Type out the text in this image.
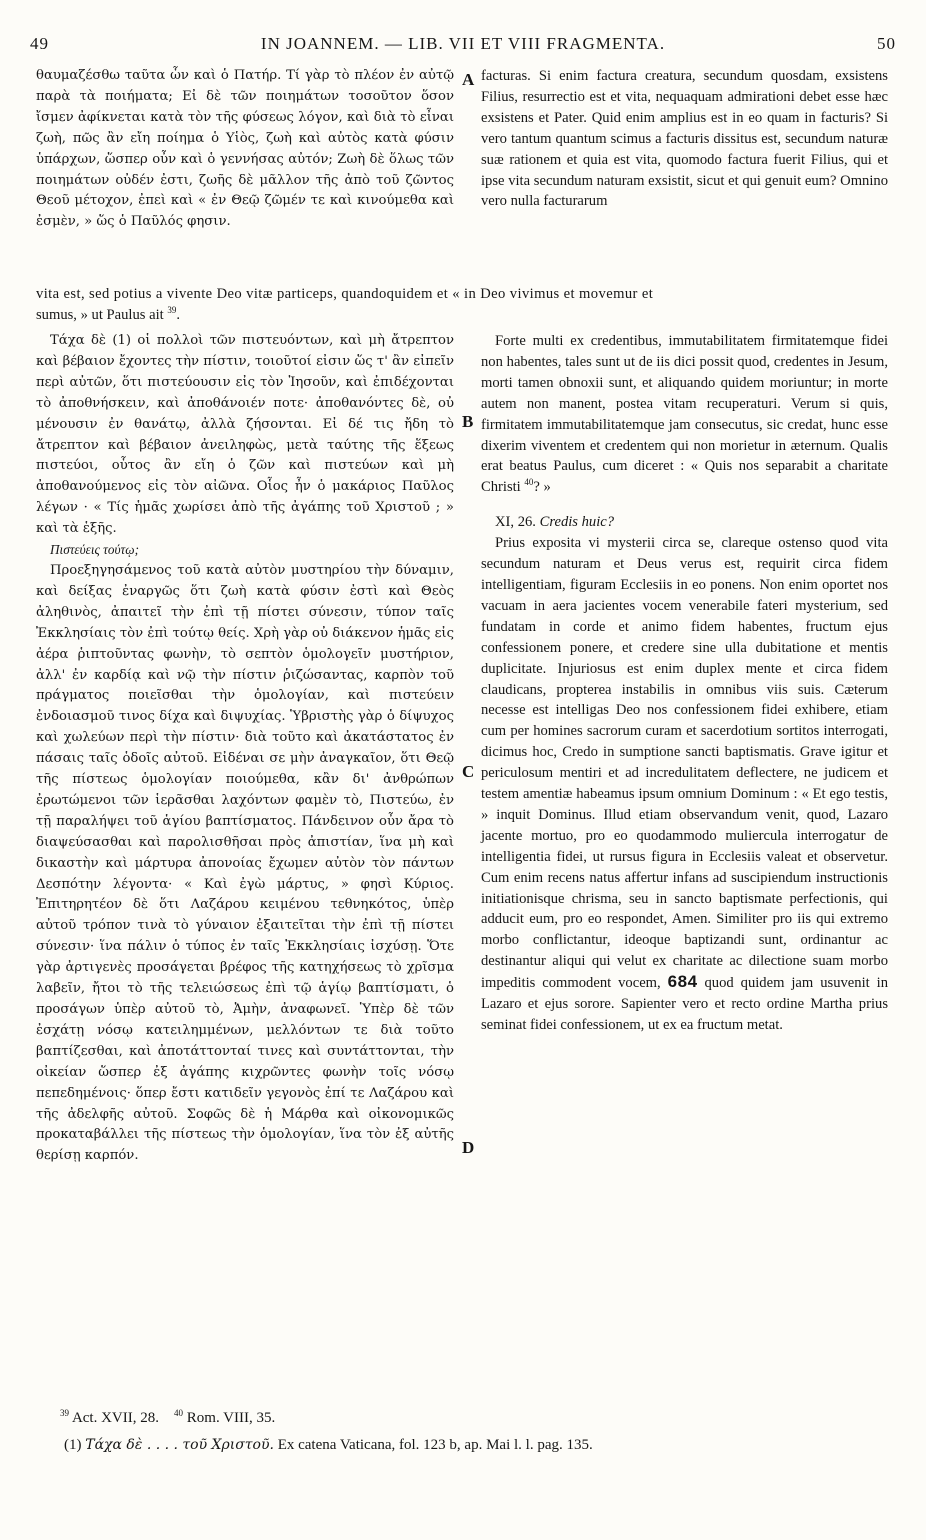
49	IN JOANNEM. — LIB. VII ET VIII FRAGMENTA.	50

θαυμαζέσθω ταῦτα ὧν καὶ ὁ Πατήρ. Τί γὰρ τὸ πλέον ἐν αὐτῷ παρὰ τὰ ποιήματα; Εἰ δὲ τῶν ποιημάτων τοσοῦτον ὅσον ἴσμεν ἀφίκνεται κατὰ τὸν τῆς φύσεως λόγον, καὶ διὰ τὸ εἶναι ζωὴ, πῶς ἂν εἴη ποίημα ὁ Υἱὸς, ζωὴ καὶ αὐτὸς κατὰ φύσιν ὑπάρχων, ὥσπερ οὖν καὶ ὁ γεννήσας αὐτόν; Ζωὴ δὲ ὅλως τῶν ποιημάτων οὐδέν ἐστι, ζωῆς δὲ μᾶλλον τῆς ἀπὸ τοῦ ζῶντος Θεοῦ μέτοχον, ἐπεὶ καὶ « ἐν Θεῷ ζῶμέν τε καὶ κινούμεθα καὶ ἐσμὲν, » ὥς ὁ Παῦλός φησιν.

facturas. Si enim factura creatura, secundum quosdam, exsistens Filius, resurrectio est et vita, nequaquam admirationi debet esse hæc exsistens et Pater. Quid enim amplius est in eo quam in facturis? Si vero tantum quantum scimus a facturis dissitus est, secundum naturæ suæ rationem et quia est vita, quomodo factura fuerit Filius, qui et ipse vita secundum naturam exsistit, sicut et qui genuit eum? Omnino vero nulla facturarum

vita est, sed potius a vivente Deo vitæ particeps, quandoquidem et « in Deo vivimus et movemur et
sumus, » ut Paulus ait $^{39}$.

Τάχα δὲ (1) οἱ πολλοὶ τῶν πιστευόντων, καὶ μὴ ἄτρεπτον καὶ βέβαιον ἔχοντες τὴν πίστιν, τοιοῦτοί εἰσιν ὥς τ' ἂν εἰπεῖν περὶ αὐτῶν, ὅτι πιστεύουσιν εἰς τὸν Ἰησοῦν, καὶ ἐπιδέχονται τὸ ἀποθνήσκειν, καὶ ἀποθάνοιέν ποτε· ἀποθανόντες δὲ, οὐ μένουσιν ἐν θανάτῳ, ἀλλὰ ζήσονται. Εἰ δέ τις ἤδη τὸ ἄτρεπτον καὶ βέβαιον ἀνειληφὼς, μετὰ ταύτης τῆς ἕξεως πιστεύοι, οὗτος ἂν εἴη ὁ ζῶν καὶ πιστεύων καὶ μὴ ἀποθανούμενος εἰς τὸν αἰῶνα. Οἷος ἦν ὁ μακάριος Παῦλος λέγων · « Τίς ἡμᾶς χωρίσει ἀπὸ τῆς ἀγάπης τοῦ Χριστοῦ ; » καὶ τὰ ἑξῆς.

Πιστεύεις τούτῳ;

Προεξηγησάμενος τοῦ κατὰ αὐτὸν μυστηρίου τὴν δύναμιν, καὶ δείξας ἐναργῶς ὅτι ζωὴ κατὰ φύσιν ἐστὶ καὶ Θεὸς ἀληθινὸς, ἀπαιτεῖ τὴν ἐπὶ τῇ πίστει σύνεσιν, τύπον ταῖς Ἐκκλησίαις τὸν ἐπὶ τούτῳ θείς. Χρὴ γὰρ οὐ διάκενον ἡμᾶς εἰς ἀέρα ῥιπτοῦντας φωνὴν, τὸ σεπτὸν ὁμολογεῖν μυστήριον, ἀλλ' ἐν καρδίᾳ καὶ νῷ τὴν πίστιν ῥιζώσαντας, καρπὸν τοῦ πράγματος ποιεῖσθαι τὴν ὁμολογίαν, καὶ πιστεύειν ἐνδοιασμοῦ τινος δίχα καὶ διψυχίας. Ὑβριστὴς γὰρ ὁ δίψυχος καὶ χωλεύων περὶ τὴν πίστιν· διὰ τοῦτο καὶ ἀκατάστατος ἐν πάσαις ταῖς ὁδοῖς αὐτοῦ. Εἰδέναι σε μὴν ἀναγκαῖον, ὅτι Θεῷ τῆς πίστεως ὁμολογίαν ποιούμεθα, κἂν δι' ἀνθρώπων ἐρωτώμενοι τῶν ἱερᾶσθαι λαχόντων φαμὲν τὸ, Πιστεύω, ἐν τῇ παραλήψει τοῦ ἁγίου βαπτίσματος. Πάνδεινον οὖν ἄρα τὸ διαψεύσασθαι καὶ παρολισθῆσαι πρὸς ἀπιστίαν, ἵνα μὴ καὶ δικαστὴν καὶ μάρτυρα ἀπονοίας ἔχωμεν αὐτὸν τὸν πάντων Δεσπότην λέγοντα· « Καὶ ἐγὼ μάρτυς, » φησὶ Κύριος. Ἐπιτηρητέον δὲ ὅτι Λαζάρου κειμένου τεθνηκότος, ὑπὲρ αὐτοῦ τρόπον τινὰ τὸ γύναιον ἐξαιτεῖται τὴν ἐπὶ τῇ πίστει σύνεσιν· ἵνα πάλιν ὁ τύπος ἐν ταῖς Ἐκκλησίαις ἰσχύσῃ. Ὅτε γὰρ ἀρτιγενὲς προσάγεται βρέφος τῆς κατηχήσεως τὸ χρῖσμα λαβεῖν, ἤτοι τὸ τῆς τελειώσεως ἐπὶ τῷ ἁγίῳ βαπτίσματι, ὁ προσάγων ὑπὲρ αὐτοῦ τὸ, Ἀμὴν, ἀναφωνεῖ. Ὑπὲρ δὲ τῶν ἐσχάτῃ νόσῳ κατειλημμένων, μελλόντων τε διὰ τοῦτο βαπτίζεσθαι, καὶ ἀποτάττονταί τινες καὶ συντάττονται, τὴν οἰκείαν ὥσπερ ἐξ ἀγάπης κιχρῶντες φωνὴν τοῖς νόσῳ πεπεδημένοις· ὅπερ ἔστι κατιδεῖν γεγονὸς ἐπί τε Λαζάρου καὶ τῆς ἀδελφῆς αὐτοῦ. Σοφῶς δὲ ἡ Μάρθα καὶ οἰκονομικῶς προκαταβάλλει τῆς πίστεως τὴν ὁμολογίαν, ἵνα τὸν ἐξ αὐτῆς θερίσῃ καρπόν.

Forte multi ex credentibus, immutabilitatem firmitatemque fidei non habentes, tales sunt ut de iis dici possit quod, credentes in Jesum, morti tamen obnoxii sunt, et aliquando quidem moriuntur; in morte autem non manent, postea vitam recuperaturi. Verum si quis, firmitatem immutabilitatemque jam consecutus, sic credat, hunc esse dixerim viventem et credentem qui non morietur in æternum. Qualis erat beatus Paulus, cum diceret : « Quis nos separabit a charitate Christi $^{40}$? »

XI, 26. Credis huic?

Prius exposita vi mysterii circa se, clareque ostenso quod vita secundum naturam et Deus verus est, requirit circa fidem intelligentiam, figuram Ecclesiis in eo ponens. Non enim oportet nos vacuam in aera jacientes vocem venerabile fateri mysterium, sed fundatam in corde et animo fidem habentes, fructum ejus confessionem ponere, et credere sine ulla dubitatione et mentis duplicitate. Injuriosus est enim duplex mente et circa fidem claudicans, propterea instabilis in omnibus viis suis. Cæterum necesse est intelligas Deo nos confessionem fidei exhibere, etiam cum per homines sacrorum curam et sacerdotium sortitos interrogati, dicimus hoc, Credo in sumptione sancti baptismatis. Grave igitur et periculosum mentiri et ad incredulitatem deflectere, ne judicem et testem amentiæ habeamus ipsum omnium Dominum : « Et ego testis, » inquit Dominus. Illud etiam observandum venit, quod, Lazaro jacente mortuo, pro eo quodammodo muliercula interrogatur de intelligentia fidei, ut rursus figura in Ecclesiis valeat et observetur. Cum enim recens natus affertur infans ad suscipiendum instructionis initiationisque chrisma, seu in sancto baptismate perfectionis, qui adducit eum, pro eo respondet, Amen. Similiter pro iis qui extremo morbo conflictantur, ideoque baptizandi sunt, ordinantur ac destinantur aliqui qui velut ex charitate ac dilectione suam morbo impeditis commodent vocem, 684 quod quidem jam usuvenit in Lazaro et ejus sorore. Sapienter vero et recto ordine Martha prius seminat fidei confessionem, ut ex ea fructum metat.

A
B
C
D
$^{39}$ Act. XVII, 28. $^{40}$ Rom. VIII, 35.
(1) Τάχα δὲ . . . . τοῦ Χριστοῦ. Ex catena Vaticana, fol. 123 b, ap. Mai l. l. pag. 135.
